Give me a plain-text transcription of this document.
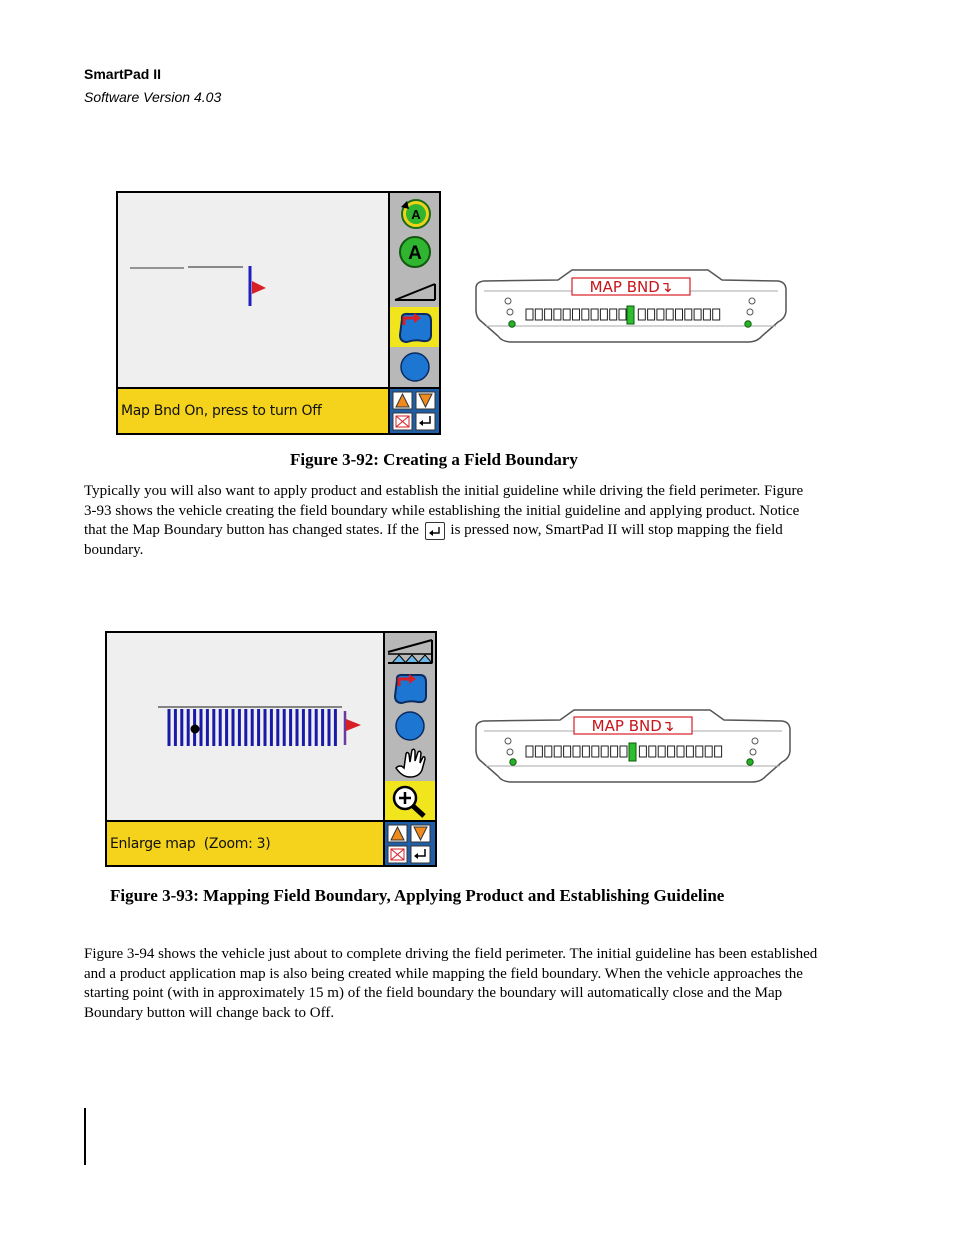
SmartPad II
Software Version 4.03
A
A
Map Bnd On, press to turn Off
MAP BND↴
Figure 3-92: Creating a Field Boundary

Typically you will also want to apply product and establish the initial guideline while driving the field perimeter. Figure 3-93 shows the vehicle creating the field boundary while establishing the initial guideline and applying product. Notice that the Map Boundary button has changed states. If the is pressed now, SmartPad II will stop mapping the field boundary.

Enlarge map  (Zoom: 3)
MAP BND↴
Figure 3-93: Mapping Field Boundary, Applying Product and Establishing Guideline

Figure 3-94 shows the vehicle just about to complete driving the field perimeter. The initial guideline has been established and a product application map is also being created while mapping the field boundary. When the vehicle approaches the starting point (with in approximately 15 m) of the field boundary the boundary will automatically close and the Map Boundary button will change back to Off.
